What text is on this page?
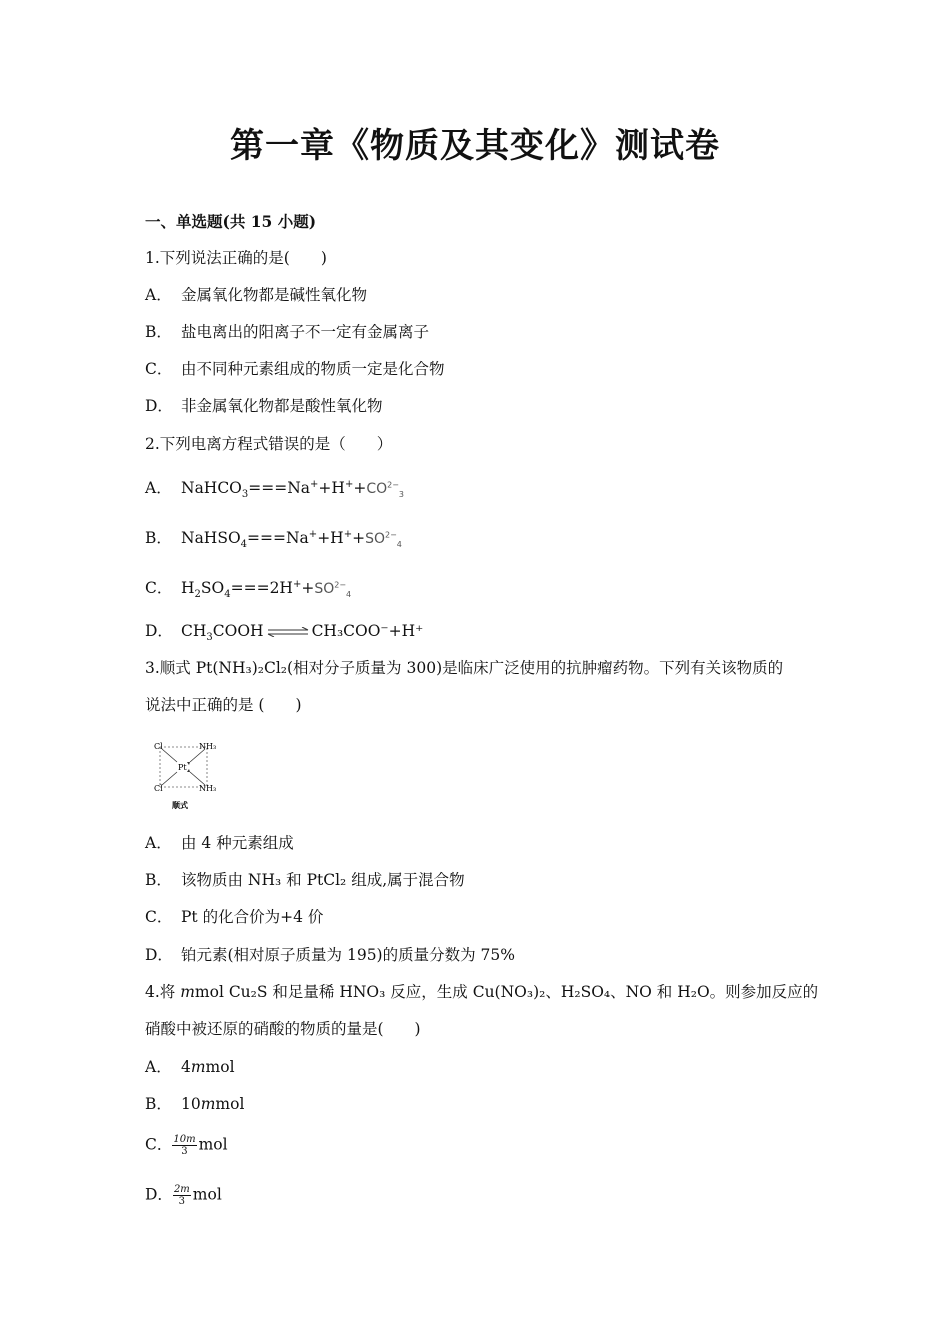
第一章《物质及其变化》测试卷
一、单选题(共 15 小题)
1.下列说法正确的是(　　)
A． 金属氧化物都是碱性氧化物
B． 盐电离出的阳离子不一定有金属离子
C． 由不同种元素组成的物质一定是化合物
D． 非金属氧化物都是酸性氧化物
2.下列电离方程式错误的是（　　）
A． $NaHCO_3===Na^++H^++CO^{2-}_3$
B． $NaHSO_4===Na^++H^++SO^{2-}_4$
C． $H_2SO_4===2H^++SO^{2-}_4$
D． $CH_3COOH$ ⇌ CH₃COO⁻+H⁺
3.顺式 Pt(NH₃)₂Cl₂(相对分子质量为 300)是临床广泛使用的抗肿瘤药物。下列有关该物质的
说法中正确的是 (　　)
Cl
Cl
NH₃
NH₃
Pt
顺式
A． 由 4 种元素组成
B． 该物质由 NH₃ 和 PtCl₂ 组成,属于混合物
C． Pt 的化合价为+4 价
D． 铂元素(相对原子质量为 195)的质量分数为 75%
4.将 𝑚mol Cu₂S 和足量稀 HNO₃ 反应，生成 Cu(NO₃)₂、H₂SO₄、NO 和 H₂O。则参加反应的
硝酸中被还原的硝酸的物质的量是(　　)
A． 4𝑚mol
B． 10𝑚mol
C． $\frac{10m}{3}$ mol
D． $\frac{2m}{3}$ mol
